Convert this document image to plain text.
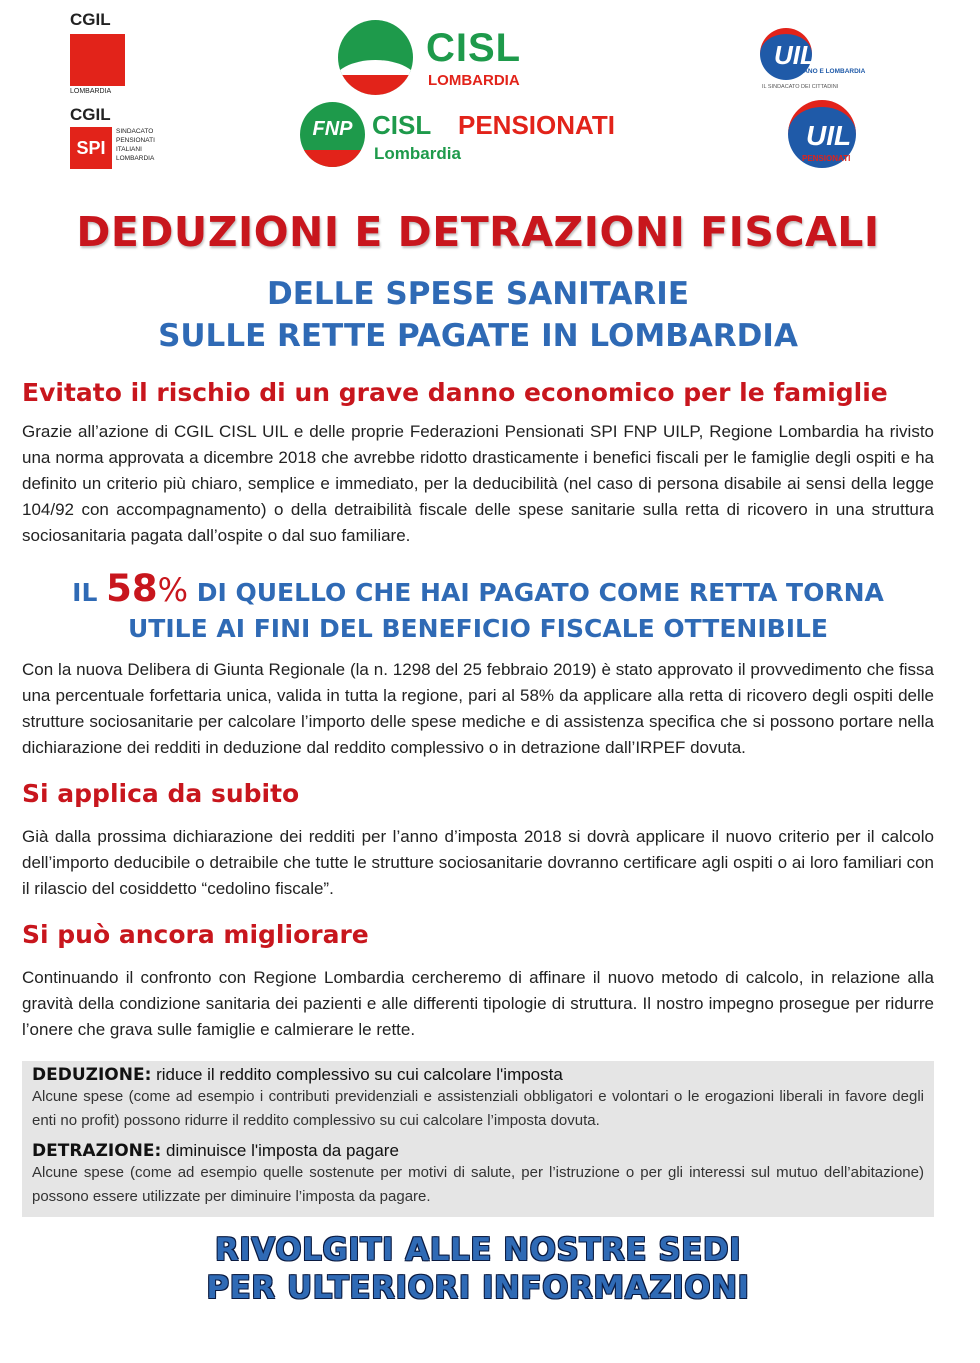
CGIL
LOMBARDIA
CGIL
SPI
SINDACATO
PENSIONATI
ITALIANI
LOMBARDIA
CISL
LOMBARDIA
FNP CISL PENSIONATI
Lombardia
UIL
MILANO E LOMBARDIA
IL SINDACATO DEI CITTADINI
UIL
PENSIONATI
DEDUZIONI E DETRAZIONI FISCALI
DELLE SPESE SANITARIE
SULLE RETTE PAGATE IN LOMBARDIA
Evitato il rischio di un grave danno economico per le famiglie

Grazie all’azione di CGIL CISL UIL e delle proprie Federazioni Pensionati SPI FNP UILP, Regione Lombardia ha rivisto una norma approvata a dicembre 2018 che avrebbe ridotto drasticamente i benefici fiscali per le famiglie degli ospiti e ha definito un criterio più chiaro, semplice e immediato, per la deducibilità (nel caso di persona disabile ai sensi della legge 104/92 con accompagnamento) o della detraibilità fiscale delle spese sanitarie sulla retta di ricovero in una struttura sociosanitaria pagata dall’ospite o dal suo familiare.

IL 58% DI QUELLO CHE HAI PAGATO COME RETTA TORNA
UTILE AI FINI DEL BENEFICIO FISCALE OTTENIBILE

Con la nuova Delibera di Giunta Regionale (la n. 1298 del 25 febbraio 2019) è stato approvato il provvedimento che fissa una percentuale forfettaria unica, valida in tutta la regione, pari al 58% da applicare alla retta di ricovero degli ospiti delle strutture sociosanitarie per calcolare l’importo delle spese mediche e di assistenza specifica che si possono portare nella dichiarazione dei redditi in deduzione dal reddito complessivo o in detrazione dall’IRPEF dovuta.

Si applica da subito

Già dalla prossima dichiarazione dei redditi per l’anno d’imposta 2018 si dovrà applicare il nuovo criterio per il calcolo dell’importo deducibile o detraibile che tutte le strutture sociosanitarie dovranno certificare agli ospiti o ai loro familiari con il rilascio del cosiddetto “cedolino fiscale”.

Si può ancora migliorare

Continuando il confronto con Regione Lombardia cercheremo di affinare il nuovo metodo di calcolo, in relazione alla gravità della condizione sanitaria dei pazienti e alle differenti tipologie di struttura. Il nostro impegno prosegue per ridurre l’onere che grava sulle famiglie e calmierare le rette.

DEDUZIONE: riduce il reddito complessivo su cui calcolare l'imposta
Alcune spese (come ad esempio i contributi previdenziali e assistenziali obbligatori e volontari o le erogazioni liberali in favore degli enti no profit) possono ridurre il reddito complessivo su cui calcolare l’imposta dovuta.
DETRAZIONE: diminuisce l'imposta da pagare
Alcune spese (come ad esempio quelle sostenute per motivi di salute, per l’istruzione o per gli interessi sul mutuo dell’abitazione) possono essere utilizzate per diminuire l’imposta da pagare.
RIVOLGITI ALLE NOSTRE SEDI
PER ULTERIORI INFORMAZIONI
